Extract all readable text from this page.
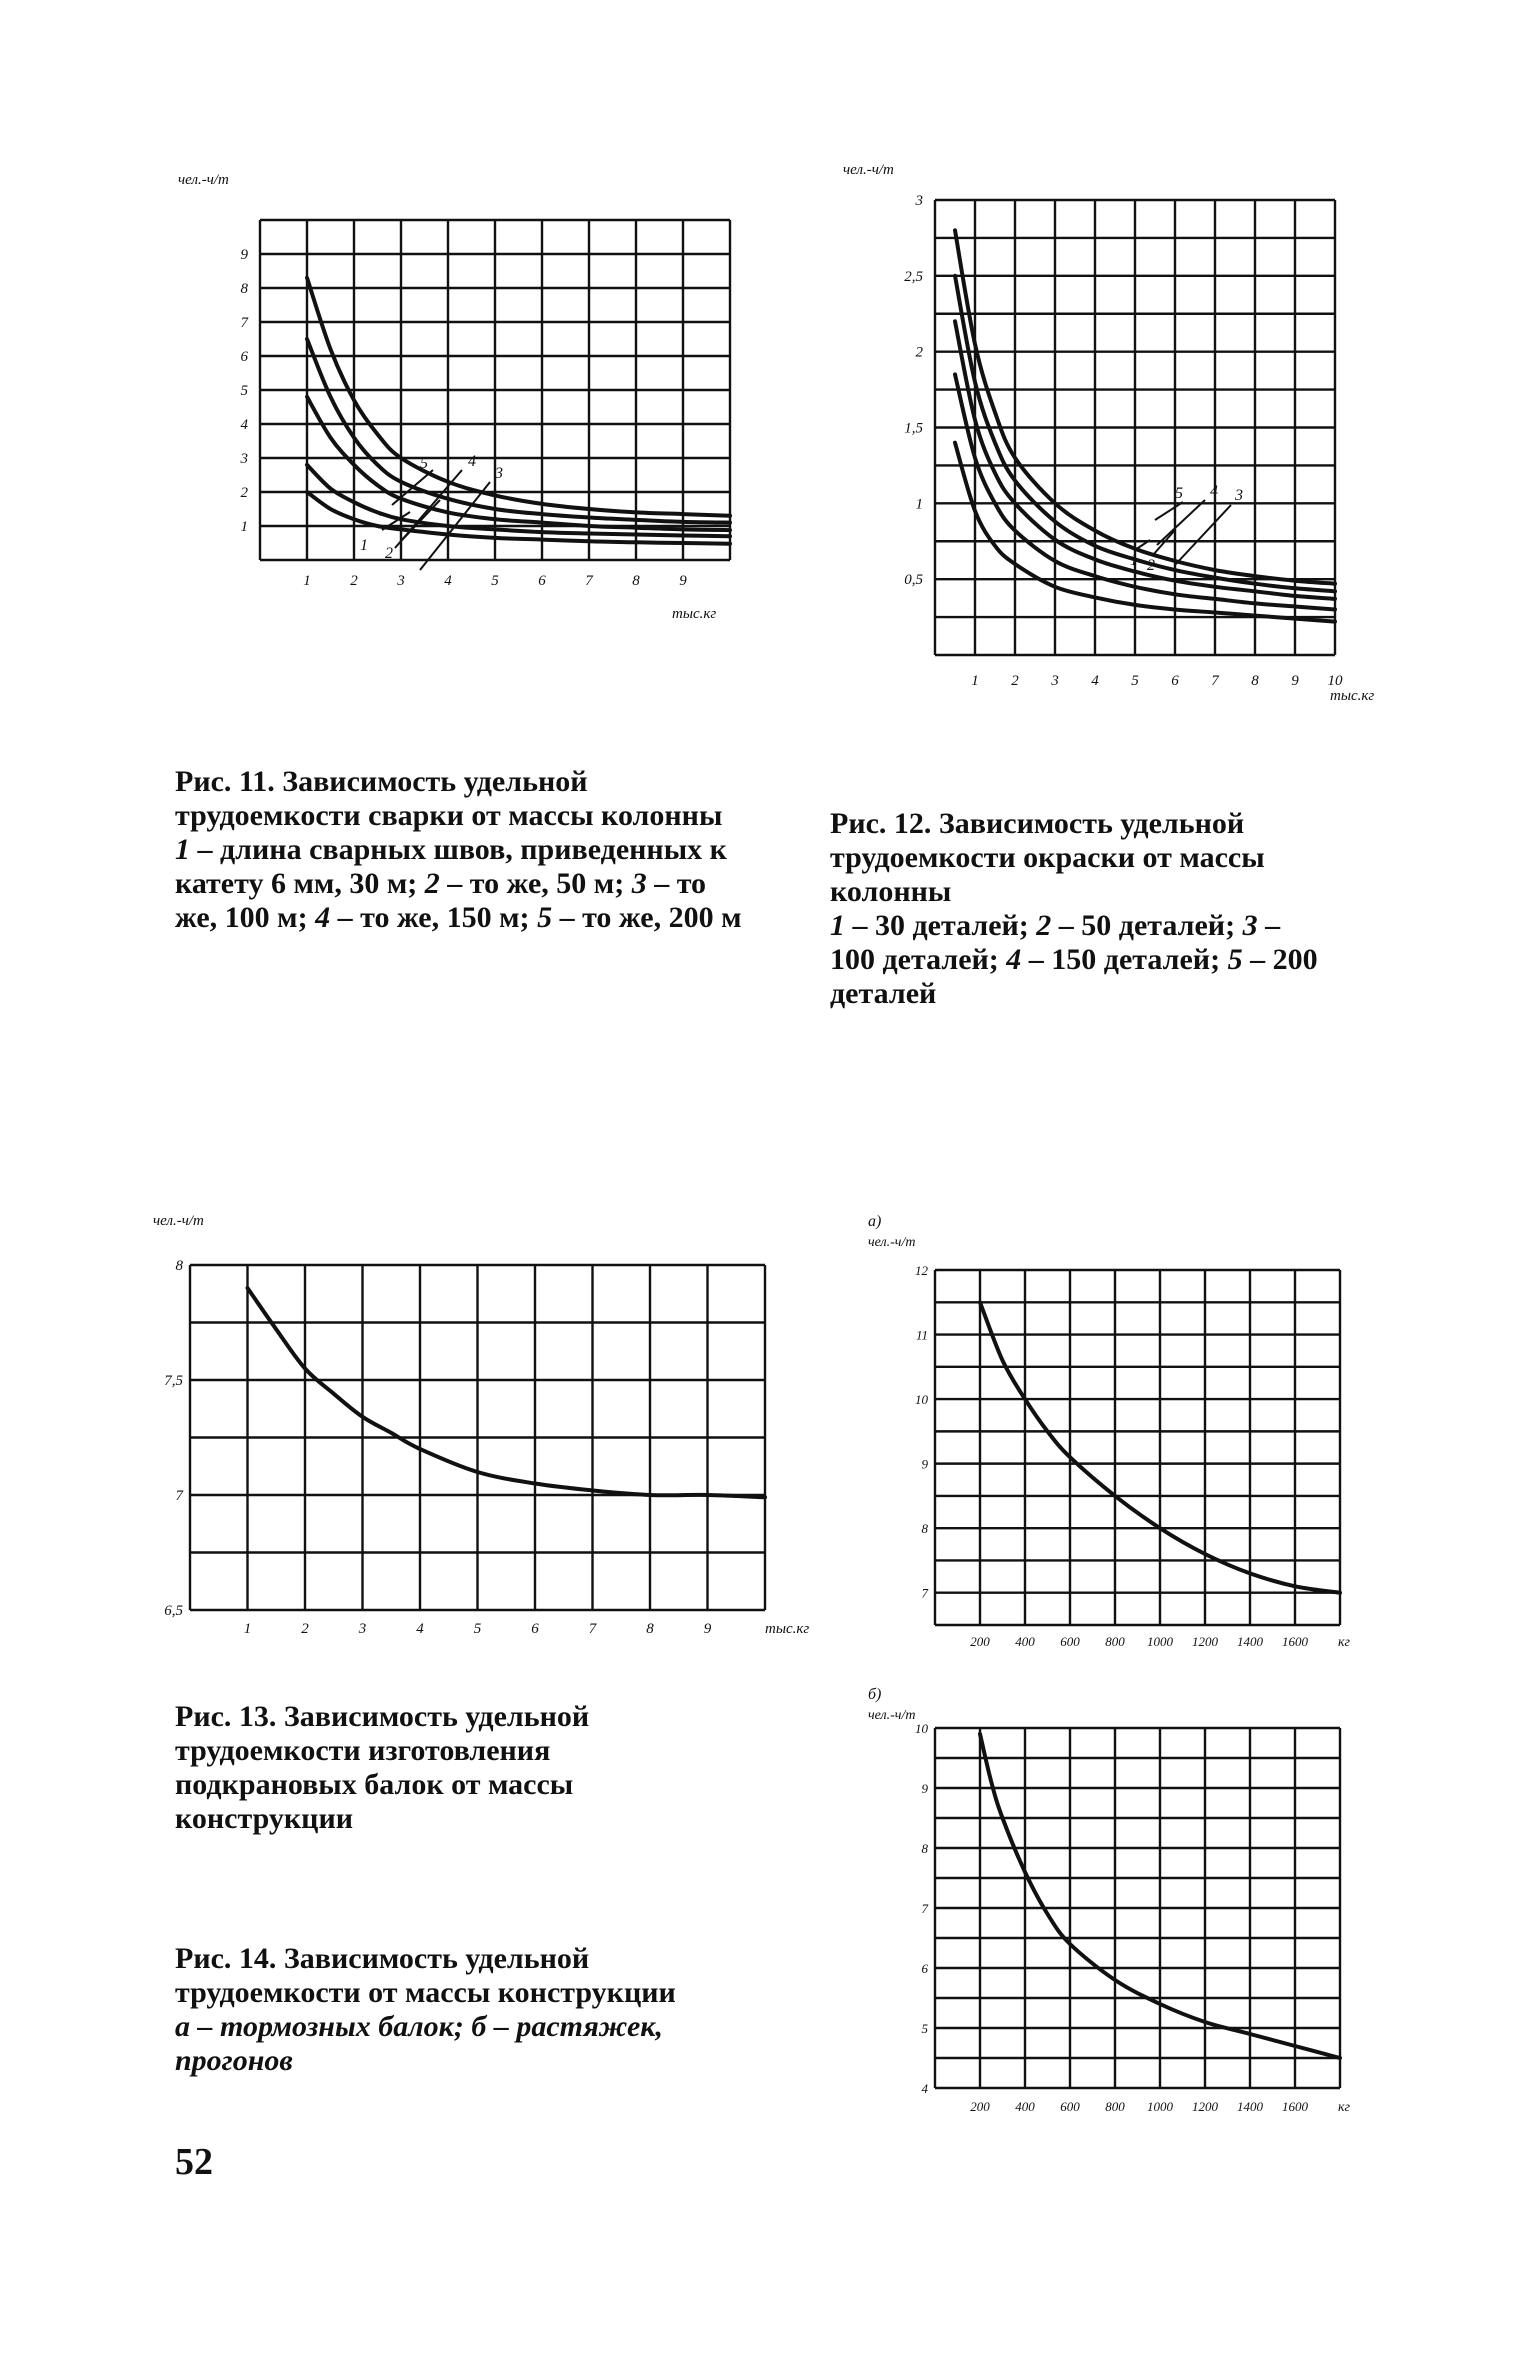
чел.-ч/т
1
2
3
4
5
6
7
8
9
1	2	3	4	5	6	7	8	9
тыс.кг
1 2
3
4
5
чел.-ч/т
0,5
1
1,5
2
2,5
3
1 2 3 4 5 6 7 8 9 10
тыс.кг
1 2
3
4
5
чел.-ч/т
6,5
7
7,5
8
1	2	3	4	5	6	7	8	9	тыс.кг
а)
чел.-ч/т
7
8
9
10
11
12
200 400 600 800 1000 1200 1400 1600 кг
б)
чел.-ч/т
4
5
6
7
8
9
10
200 400 600 800 1000 1200 1400 1600 кг
Рис. 11. Зависимость удельной трудоемкости сварки от массы колонны
1 – длина сварных швов, приведенных к катету 6 мм, 30 м; 2 – то же, 50 м; 3 – то же, 100 м; 4 – то же, 150 м; 5 – то же, 200 м
Рис. 12. Зависимость удельной трудоемкости окраски от массы колонны
1 – 30 деталей; 2 – 50 деталей; 3 – 100 деталей; 4 – 150 деталей; 5 – 200 деталей
Рис. 13. Зависимость удельной трудоемкости изготовления подкрановых балок от массы конструкции
Рис. 14. Зависимость удельной трудоемкости от массы конструкции
а – тормозных балок; б – растяжек, прогонов
52
